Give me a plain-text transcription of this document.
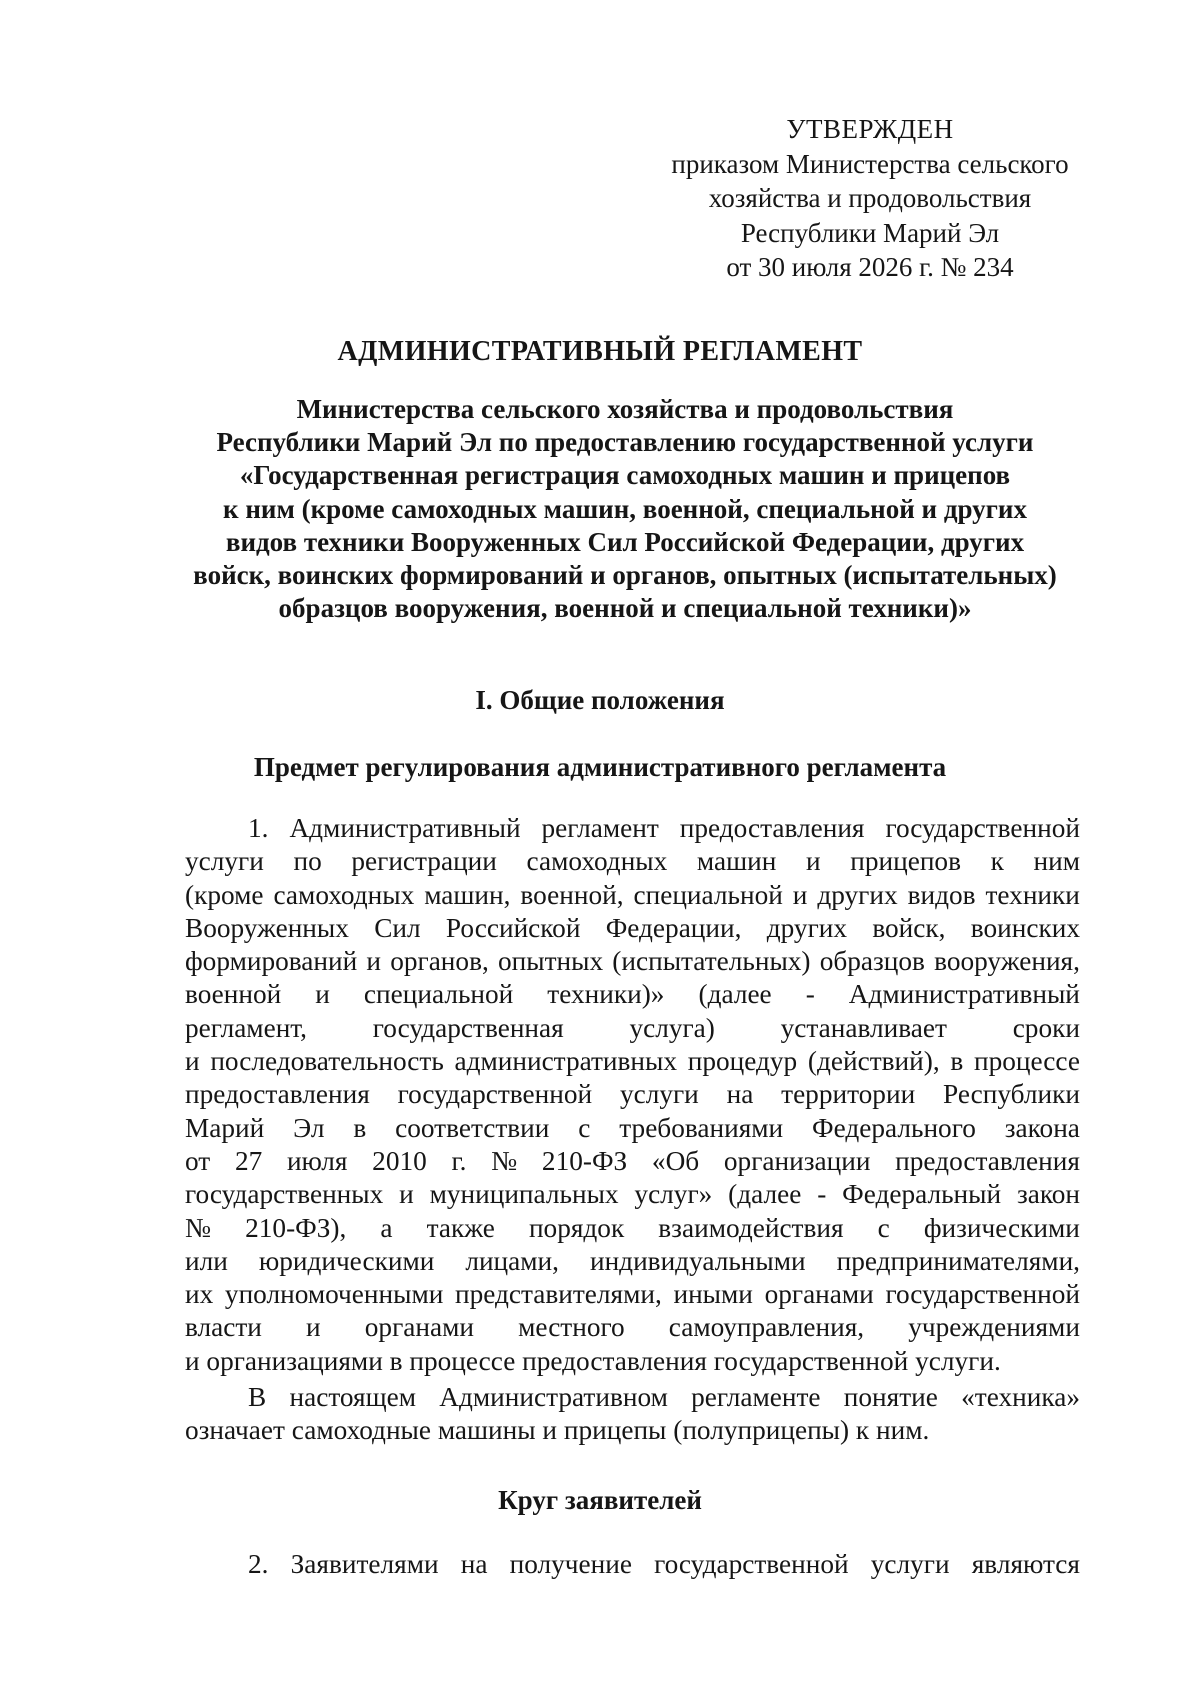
УТВЕРЖДЕН
приказом Министерства сельского
хозяйства и продовольствия
Республики Марий Эл
от 30 июля 2026 г. № 234
АДМИНИСТРАТИВНЫЙ РЕГЛАМЕНТ
Министерства сельского хозяйства и продовольствия
Республики Марий Эл по предоставлению государственной услуги
«Государственная регистрация самоходных машин и прицепов
к ним (кроме самоходных машин, военной, специальной и других
видов техники Вооруженных Сил Российской Федерации, других
войск, воинских формирований и органов, опытных (испытательных)
образцов вооружения, военной и специальной техники)»
I. Общие положения
Предмет регулирования административного регламента
1. Административный регламент предоставления государственной
услуги по регистрации самоходных машин и прицепов к ним
(кроме самоходных машин, военной, специальной и других видов техники
Вооруженных Сил Российской Федерации, других войск, воинских
формирований и органов, опытных (испытательных) образцов вооружения,
военной и специальной техники)» (далее - Административный
регламент, государственная услуга) устанавливает сроки
и последовательность административных процедур (действий), в процессе
предоставления государственной услуги на территории Республики
Марий Эл в соответствии с требованиями Федерального закона
от 27 июля 2010 г. № 210-ФЗ «Об организации предоставления
государственных и муниципальных услуг» (далее - Федеральный закон
№ 210-ФЗ), а также порядок взаимодействия с физическими
или юридическими лицами, индивидуальными предпринимателями,
их уполномоченными представителями, иными органами государственной
власти и органами местного самоуправления, учреждениями
и организациями в процессе предоставления государственной услуги.
В настоящем Административном регламенте понятие «техника»
означает самоходные машины и прицепы (полуприцепы) к ним.
Круг заявителей
2. Заявителями на получение государственной услуги являются
